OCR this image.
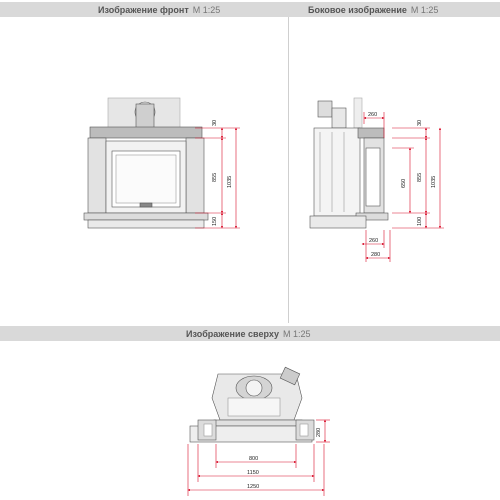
Изображение фронт M 1:25	Боковое изображение M 1:25
Изображение сверху M 1:25
30
855
150
1035
260
30
650
855 1035
100
260
280
280
800
1150
1250
